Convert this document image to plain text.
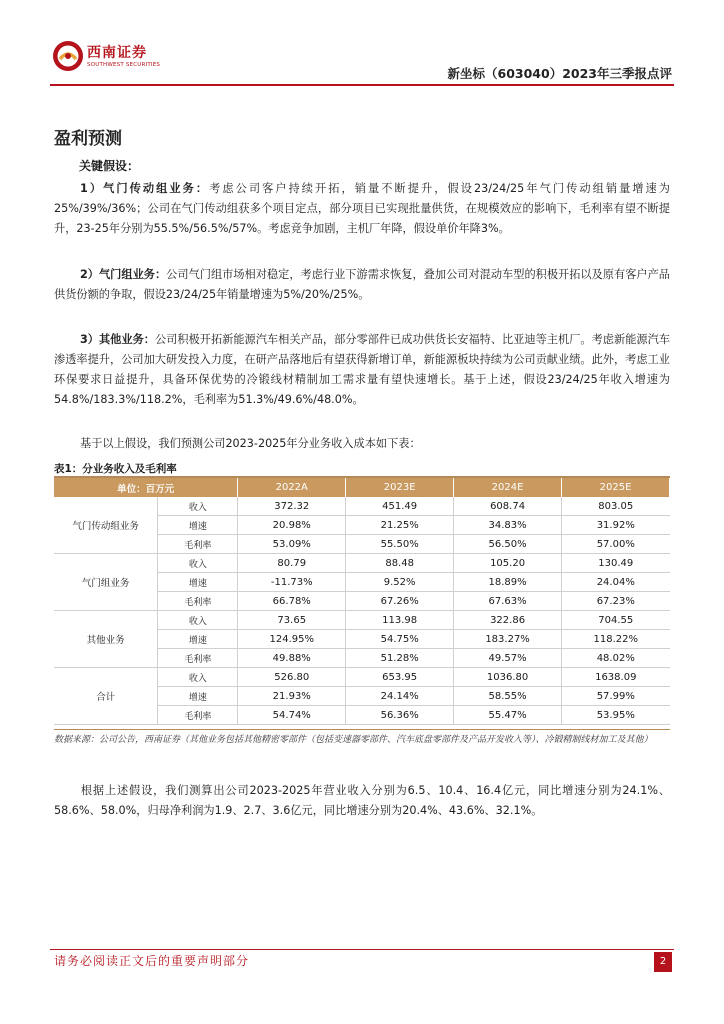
西南证券
SOUTHWEST SECURITIES
新坐标（603040）2023年三季报点评
盈利预测
关键假设：
1）气门传动组业务：考虑公司客户持续开拓，销量不断提升，假设23/24/25年气门传动组销量增速为25%/39%/36%；公司在气门传动组获多个项目定点，部分项目已实现批量供货，在规模效应的影响下，毛利率有望不断提升，23-25年分别为55.5%/56.5%/57%。考虑竞争加剧，主机厂年降，假设单价年降3%。
2）气门组业务：公司气门组市场相对稳定，考虑行业下游需求恢复，叠加公司对混动车型的积极开拓以及原有客户产品供货份额的争取，假设23/24/25年销量增速为5%/20%/25%。
3）其他业务：公司积极开拓新能源汽车相关产品，部分零部件已成功供货长安福特、比亚迪等主机厂。考虑新能源汽车渗透率提升，公司加大研发投入力度，在研产品落地后有望获得新增订单，新能源板块持续为公司贡献业绩。此外，考虑工业环保要求日益提升，具备环保优势的冷锻线材精制加工需求量有望快速增长。基于上述，假设23/24/25年收入增速为54.8%/183.3%/118.2%，毛利率为51.3%/49.6%/48.0%。
基于以上假设，我们预测公司2023-2025年分业务收入成本如下表：
表1：分业务收入及毛利率
单位：百万元		2022A	2023E	2024E	2025E
气门传动组业务	收入	372.32	451.49	608.74	803.05
	增速	20.98%	21.25%	34.83%	31.92%
	毛利率	53.09%	55.50%	56.50%	57.00%
气门组业务	收入	80.79	88.48	105.20	130.49
	增速	-11.73%	9.52%	18.89%	24.04%
	毛利率	66.78%	67.26%	67.63%	67.23%
其他业务	收入	73.65	113.98	322.86	704.55
	增速	124.95%	54.75%	183.27%	118.22%
	毛利率	49.88%	51.28%	49.57%	48.02%
合计	收入	526.80	653.95	1036.80	1638.09
	增速	21.93%	24.14%	58.55%	57.99%
	毛利率	54.74%	56.36%	55.47%	53.95%
数据来源：公司公告，西南证券（其他业务包括其他精密零部件（包括变速器零部件、汽车底盘零部件及产品开发收入等）、冷锻精制线材加工及其他）
根据上述假设，我们测算出公司2023-2025年营业收入分别为6.5、10.4、16.4亿元，同比增速分别为24.1%、58.6%、58.0%，归母净利润为1.9、2.7、3.6亿元，同比增速分别为20.4%、43.6%、32.1%。
请务必阅读正文后的重要声明部分	2
